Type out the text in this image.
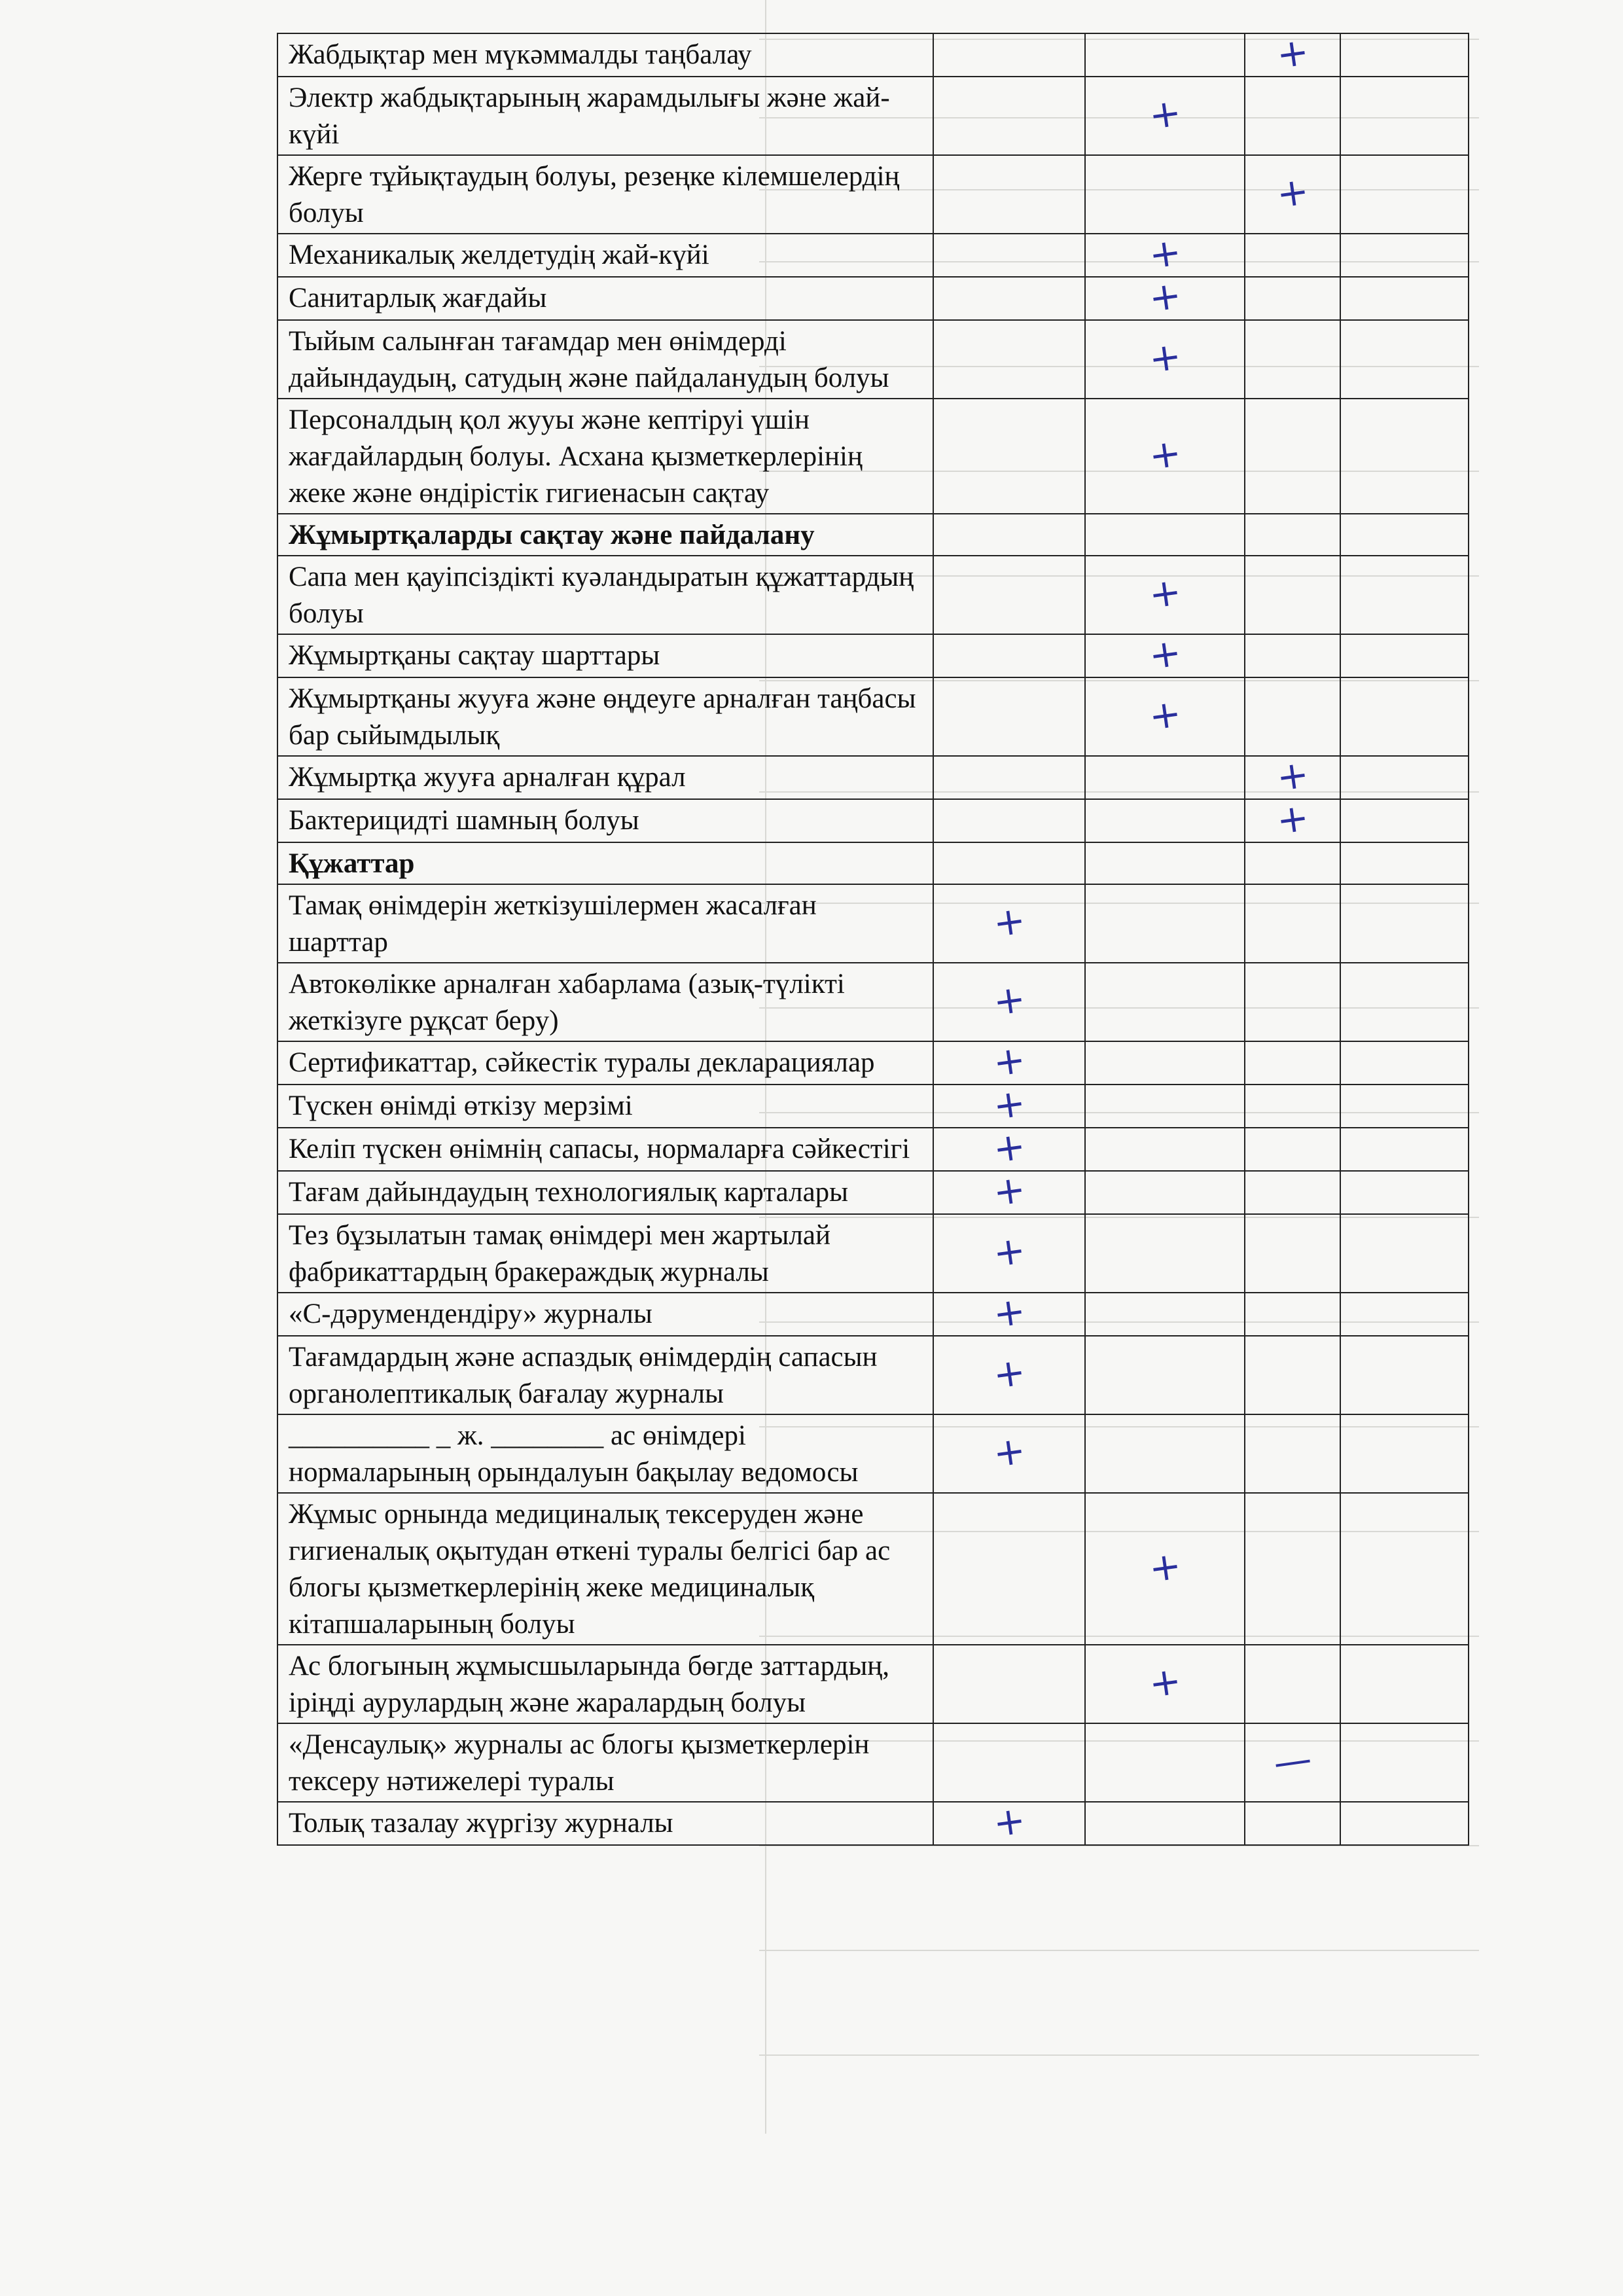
Жабдықтар мен мүкәммалды таңбалау			+	
Электр жабдықтарының жарамдылығы және жай-күйі		+		
Жерге тұйықтаудың болуы, резеңке кілемшелердің болуы			+	
Механикалық желдетудің жай-күйі		+		
Санитарлық жағдайы		+		
Тыйым салынған тағамдар мен өнімдерді дайындаудың, сатудың және пайдаланудың болуы		+		
Персоналдың қол жууы және кептіруі үшін жағдайлардың болуы. Асхана қызметкерлерінің жеке және өндірістік гигиенасын сақтау		+		
Жұмыртқаларды сақтау және пайдалану				
Сапа мен қауіпсіздікті куәландыратын құжаттардың болуы		+		
Жұмыртқаны сақтау шарттары		+		
Жұмыртқаны жууға және өңдеуге арналған таңбасы бар сыйымдылық		+		
Жұмыртқа жууға арналған құрал			+	
Бактерицидті шамның болуы			+	
Құжаттар				
Тамақ өнімдерін жеткізушілермен жасалған шарттар	+			
Автокөлікке арналған хабарлама (азық-түлікті жеткізуге рұқсат беру)	+			
Сертификаттар, сәйкестік туралы декларациялар	+			
Түскен өнімді өткізу мерзімі	+			
Келіп түскен өнімнің сапасы, нормаларға сәйкестігі	+			
Тағам дайындаудың технологиялық карталары	+			
Тез бұзылатын тамақ өнімдері мен жартылай фабрикаттардың бракераждық журналы	+			
«С-дәрумендендіру» журналы	+			
Тағамдардың және аспаздық өнімдердің сапасын органолептикалық бағалау журналы	+			
__________ _ ж. ________ ас өнімдері нормаларының орындалуын бақылау ведомосы	+			
Жұмыс орнында медициналық тексеруден және гигиеналық оқытудан өткені туралы белгісі бар ас блогы қызметкерлерінің жеке медициналық кітапшаларының болуы		+		
Ас блогының жұмысшыларында бөгде заттардың, іріңді аурулардың және жаралардың болуы		+		
«Денсаулық» журналы ас блогы қызметкерлерін тексеру нәтижелері туралы			—	
Толық тазалау жүргізу журналы	+			
